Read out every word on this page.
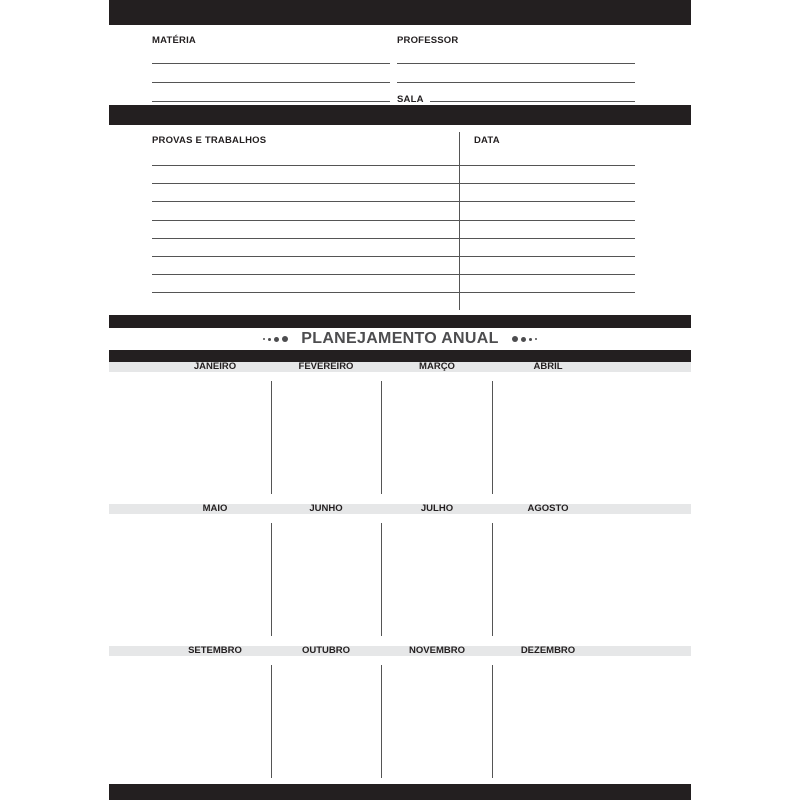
MATÉRIA	PROFESSOR
SALA
PROVAS E TRABALHOS	DATA
PLANEJAMENTO ANUAL
JANEIRO	FEVEREIRO	MARÇO	ABRIL
MAIO	JUNHO	JULHO	AGOSTO
SETEMBRO	OUTUBRO	NOVEMBRO	DEZEMBRO
